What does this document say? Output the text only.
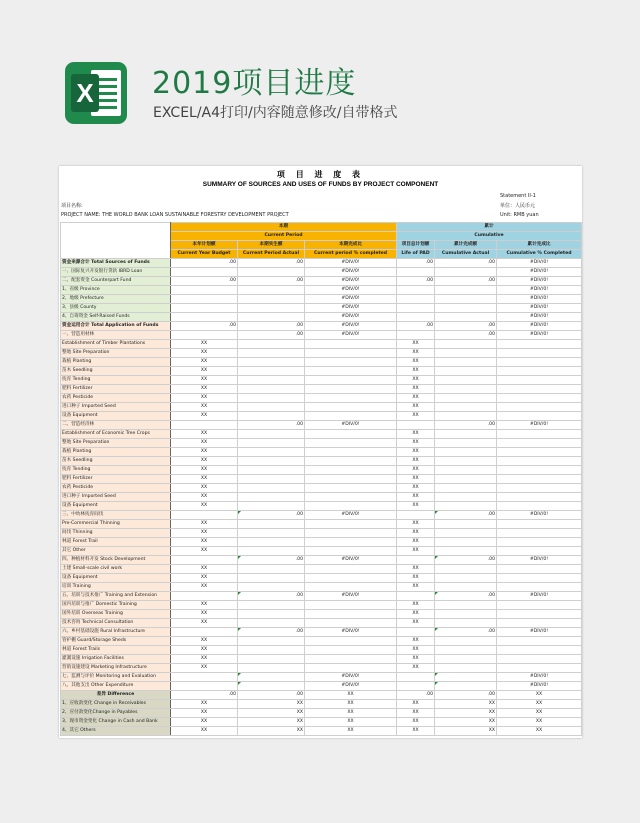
X 2019项目进度
EXCEL/A4打印/内容随意修改/自带格式
项 目 进 度 表
SUMMARY OF SOURCES AND USES OF FUNDS BY PROJECT COMPONENT
Statement II-1
单位：人民币元
项目名称:
PROJECT NAME: THE WORLD BANK LOAN SUSTAINABLE FORESTRY DEVELOPMENT PROJECT	Unit: RMB yuan
	本期			累计		
	Current Period			Cumulative		
	本年计划额	本期实生额	本期完成比	项目总计划额	累计完成额	累计完成比
	Current Year Budget	Current Period Actual	Current period % completed	Life of PAD	Cumulative Actual	Cumulative % Completed
资金来源合计 Total Sources of Funds	.00	.00	#DIV/0!	.00	.00	#DIV/0!
一、国际复兴开发银行贷款 IBRD Loan			#DIV/0!			#DIV/0!
二、配套资金 Counterpart Fund	.00	.00	#DIV/0!	.00	.00	#DIV/0!
1、省级 Province			#DIV/0!			#DIV/0!
2、地级 Prefecture			#DIV/0!			#DIV/0!
3、县级 County			#DIV/0!			#DIV/0!
4、自筹资金 Self-Raised Funds			#DIV/0!			#DIV/0!
资金运用合计 Total Application of Funds	.00	.00	#DIV/0!	.00	.00	#DIV/0!
一、营造用材林		.00	#DIV/0!		.00	#DIV/0!
Establishment of Timber Plantations	XX			XX		
整地 Site Preparation	XX			XX		
栽植 Planting	XX			XX		
苗木 Seedling	XX			XX		
抚育 Tending	XX			XX		
肥料 Fertilizer	XX			XX		
农药 Pesticide	XX			XX		
进口种子 Imported Seed	XX			XX		
设备 Equipment	XX			XX		
二、营造经济林		.00	#DIV/0!		.00	#DIV/0!
Establishment of Economic Tree Crops	XX			XX		
整地 Site Preparation	XX			XX		
栽植 Planting	XX			XX		
苗木 Seedling	XX			XX		
抚育 Tending	XX			XX		
肥料 Fertilizer	XX			XX		
农药 Pesticide	XX			XX		
进口种子 Imported Seed	XX			XX		
设备 Equipment	XX			XX		
三、中幼林抚育间伐		.00	#DIV/0!		.00	#DIV/0!
Pre-Commercial Thinning	XX			XX		
间伐 Thinning	XX			XX		
林道 Forest Trail	XX			XX		
其它 Other	XX			XX		
四、种植材料开发 Stock Development		.00	#DIV/0!		.00	#DIV/0!
土建 Small-scale civil work	XX			XX		
设备 Equipment	XX			XX		
培训 Training	XX			XX		
五、培训与技术推广 Training and Extension		.00	#DIV/0!		.00	#DIV/0!
国内培训与推广 Domestic Training	XX			XX		
国外培训 Overseas Training	XX			XX		
技术咨询 Technical Consultation	XX			XX		
六、乡村基础设施 Rural Infrastructure		.00	#DIV/0!		.00	#DIV/0!
管护棚 Guard/Storage Sheds	XX			XX		
林道 Forest Trails	XX			XX		
灌溉设施 Irrigation Facilities	XX			XX		
营销设施建设 Marketing Infrastructure	XX			XX		
七、监测与评价 Monitoring and Evaluation			#DIV/0!			#DIV/0!
八、其他支出 Other Expenditure			#DIV/0!			#DIV/0!
差异 Difference	.00	.00	XX	.00	.00	XX
1、应收款变化 Change in Receivables	XX	XX	XX	XX	XX	XX
2、应付款变化Change in Payables	XX	XX	XX	XX	XX	XX
3、现币资金变化 Change in Cash and Bank	XX	XX	XX	XX	XX	XX
4、其它 Others	XX	XX	XX	XX	XX	XX
